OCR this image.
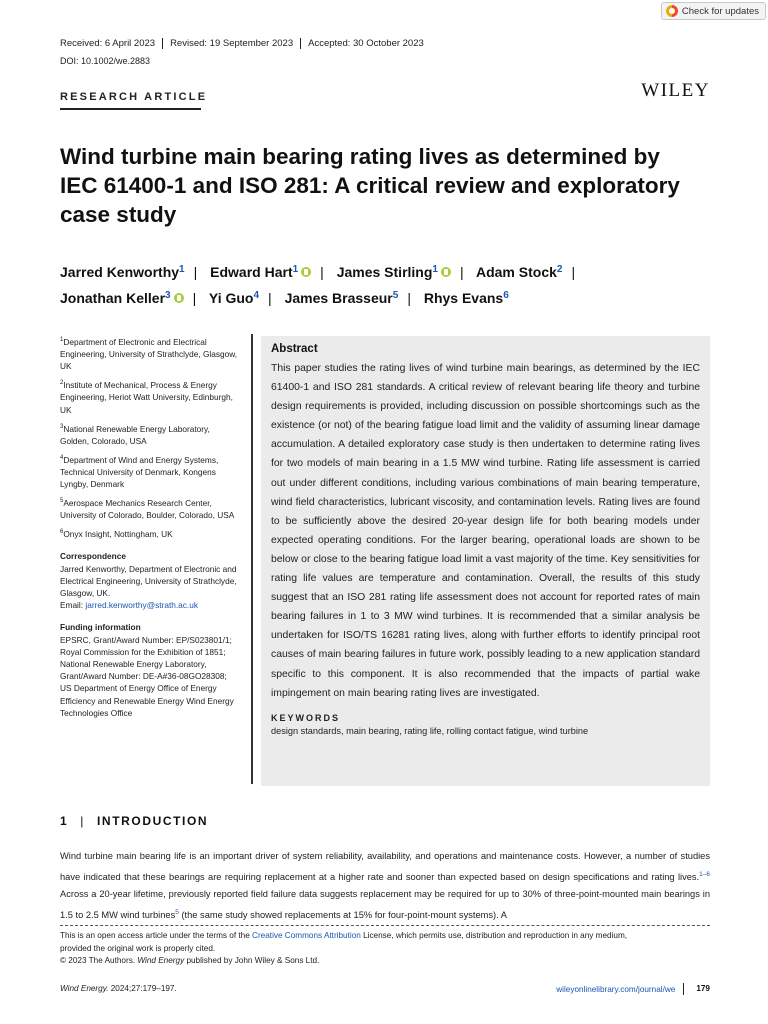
Check for updates
Received: 6 April 2023	Revised: 19 September 2023	Accepted: 30 October 2023
DOI: 10.1002/we.2883
RESEARCH ARTICLE	WILEY
Wind turbine main bearing rating lives as determined by IEC 61400-1 and ISO 281: A critical review and exploratory case study
Jarred Kenworthy$^1$ | Edward Hart$^1$ | James Stirling$^1$ | Adam Stock$^2$ |
Jonathan Keller$^3$ | Yi Guo$^4$ | James Brasseur$^5$ | Rhys Evans$^6$
$^1$Department of Electronic and Electrical Engineering, University of Strathclyde, Glasgow, UK
$^2$Institute of Mechanical, Process & Energy Engineering, Heriot Watt University, Edinburgh, UK
$^3$National Renewable Energy Laboratory, Golden, Colorado, USA
$^4$Department of Wind and Energy Systems, Technical University of Denmark, Kongens Lyngby, Denmark
$^5$Aerospace Mechanics Research Center, University of Colorado, Boulder, Colorado, USA
$^6$Onyx Insight, Nottingham, UK
Correspondence
Jarred Kenworthy, Department of Electronic and Electrical Engineering, University of Strathclyde, Glasgow, UK.
Email: jarred.kenworthy@strath.ac.uk
Funding information
EPSRC, Grant/Award Number: EP/S023801/1;
Royal Commission for the Exhibition of 1851;
National Renewable Energy Laboratory,
Grant/Award Number: DE-A#36-08GO28308;
US Department of Energy Office of Energy
Efficiency and Renewable Energy Wind Energy
Technologies Office
Abstract

This paper studies the rating lives of wind turbine main bearings, as determined by the IEC 61400-1 and ISO 281 standards. A critical review of relevant bearing life theory and turbine design requirements is provided, including discussion on possible shortcomings such as the existence (or not) of the bearing fatigue load limit and the validity of assuming linear damage accumulation. A detailed exploratory case study is then undertaken to determine rating lives for two models of main bearing in a 1.5 MW wind turbine. Rating life assessment is carried out under different conditions, including various combinations of main bearing temperature, wind field characteristics, lubricant viscosity, and contamination levels. Rating lives are found to be sufficiently above the desired 20-year design life for both bearing models under expected operating conditions. For the larger bearing, operational loads are shown to be below or close to the bearing fatigue load limit a vast majority of the time. Key sensitivities for rating life values are temperature and contamination. Overall, the results of this study suggest that an ISO 281 rating life assessment does not account for reported rates of main bearing failures in 1 to 3 MW wind turbines. It is recommended that a similar analysis be undertaken for ISO/TS 16281 rating lives, along with further efforts to identify principal root causes of main bearing failures in future work, possibly leading to a new application standard specific to this component. It is also recommended that the impacts of partial wake impingement on main bearing rating lives are investigated.

KEYWORDS
design standards, main bearing, rating life, rolling contact fatigue, wind turbine
1 | INTRODUCTION

Wind turbine main bearing life is an important driver of system reliability, availability, and operations and maintenance costs. However, a number of studies have indicated that these bearings are requiring replacement at a higher rate and sooner than expected based on design specifications and rating lives.$^{1-6}$ Across a 20-year lifetime, previously reported field failure data suggests replacement may be required for up to 30% of three-point-mounted main bearings in 1.5 to 2.5 MW wind turbines$^5$ (the same study showed replacements at 15% for four-point-mount systems). A

This is an open access article under the terms of the Creative Commons Attribution License, which permits use, distribution and reproduction in any medium,
provided the original work is properly cited.
© 2023 The Authors. Wind Energy published by John Wiley & Sons Ltd.
Wind Energy. 2024;27:179–197.	wileyonlinelibrary.com/journal/we	179
